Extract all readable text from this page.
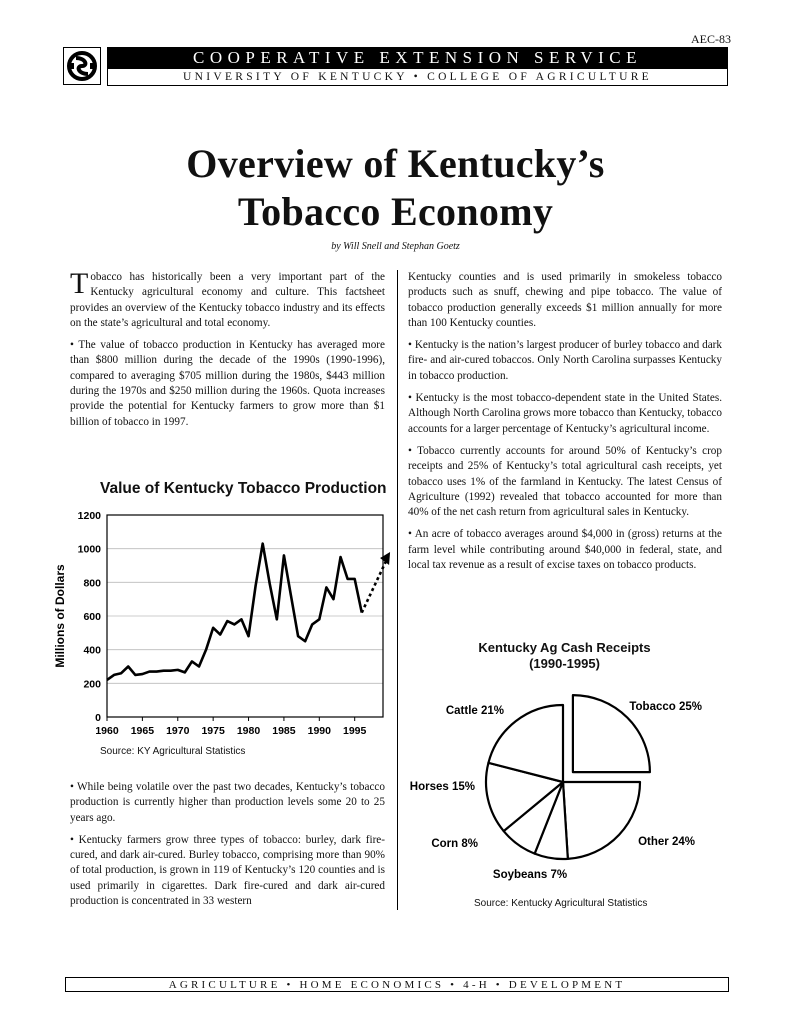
AEC-83
COOPERATIVE EXTENSION SERVICE
UNIVERSITY OF KENTUCKY • COLLEGE OF AGRICULTURE
Overview of Kentucky’s
Tobacco Economy
by Will Snell and Stephan Goetz

Tobacco has historically been a very important part of the Kentucky agricultural economy and culture. This factsheet provides an overview of the Kentucky tobacco industry and its effects on the state’s agricultural and total economy.

• The value of tobacco production in Kentucky has averaged more than $800 million during the decade of the 1990s (1990-1996), compared to averaging $705 million during the 1980s, $443 million during the 1970s and $250 million during the 1960s. Quota increases provide the potential for Kentucky farmers to grow more than $1 billion of tobacco in 1997.

Value of Kentucky Tobacco Production
0
200
400
600
800
1000
1200
1960 1965 1970 1975 1980 1985 1990 1995
Millions of Dollars
Source: KY Agricultural Statistics

• While being volatile over the past two decades, Kentucky’s tobacco production is currently higher than production levels some 20 to 25 years ago.

• Kentucky farmers grow three types of tobacco: burley, dark fire-cured, and dark air-cured. Burley tobacco, comprising more than 90% of total production, is grown in 119 of Kentucky’s 120 counties and is used primarily in cigarettes. Dark fire-cured and dark air-cured production is concentrated in 33 western

Kentucky counties and is used primarily in smokeless tobacco products such as snuff, chewing and pipe tobacco. The value of tobacco production generally exceeds $1 million annually for more than 100 Kentucky counties.

• Kentucky is the nation’s largest producer of burley tobacco and dark fire- and air-cured tobaccos. Only North Carolina surpasses Kentucky in tobacco production.

• Kentucky is the most tobacco-dependent state in the United States. Although North Carolina grows more tobacco than Kentucky, tobacco accounts for a larger percentage of Kentucky’s agricultural income.

• Tobacco currently accounts for around 50% of Kentucky’s crop receipts and 25% of Kentucky’s total agricultural cash receipts, yet tobacco uses 1% of the farmland in Kentucky. The latest Census of Agriculture (1992) revealed that tobacco accounted for more than 40% of the net cash return from agricultural sales in Kentucky.

• An acre of tobacco averages around $4,000 in (gross) returns at the farm level while contributing around $40,000 in federal, state, and local tax revenue as a result of excise taxes on tobacco products.

Kentucky Ag Cash Receipts
(1990-1995)
Tobacco 25%
Other 24%
Soybeans 7%
Corn 8%
Horses 15%
Cattle 21%
Source: Kentucky Agricultural Statistics
AGRICULTURE • HOME ECONOMICS • 4-H • DEVELOPMENT
